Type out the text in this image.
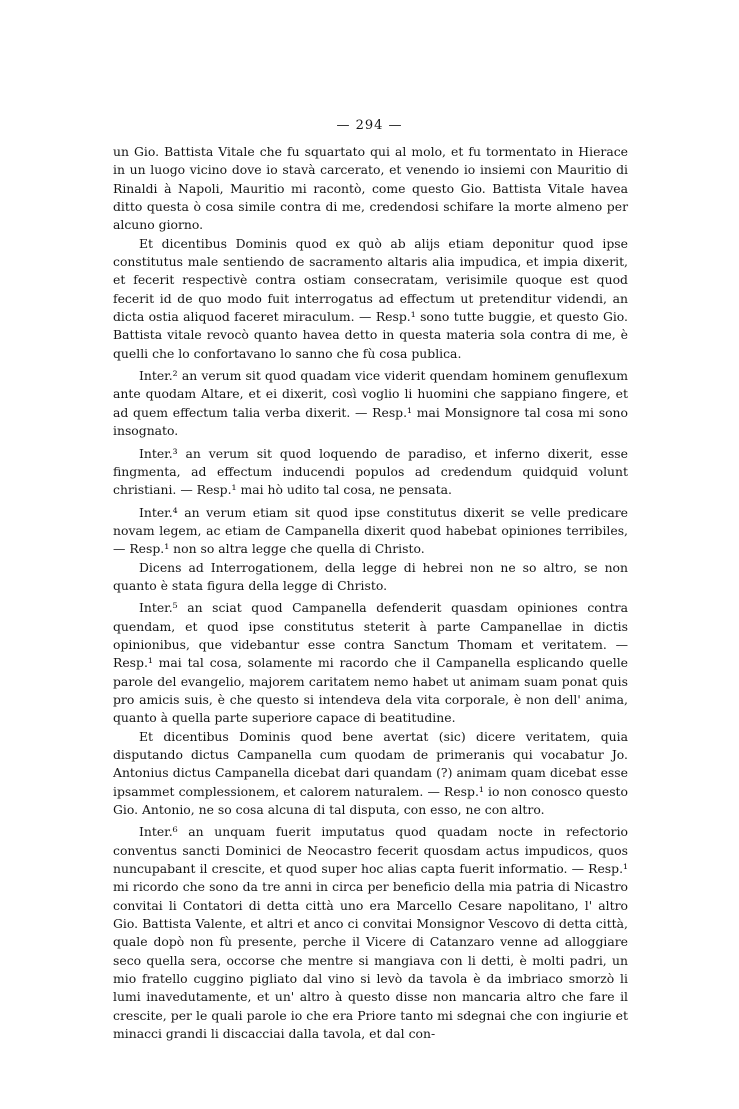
— 294 —

un Gio. Battista Vitale che fu squartato qui al molo, et fu tormentato in Hierace in un luogo vicino dove io stavà carcerato, et venendo io insiemi con Mauritio di Rinaldi à Napoli, Mauritio mi racontò, come questo Gio. Battista Vitale havea ditto questa ò cosa simile contra di me, credendosi schifare la morte almeno per alcuno giorno.

Et dicentibus Dominis quod ex quò ab alijs etiam deponitur quod ipse constitutus male sentiendo de sacramento altaris alia impudica, et impia dixerit, et fecerit respectivè contra ostiam consecratam, verisimile quoque est quod fecerit id de quo modo fuit interrogatus ad effectum ut pretenditur videndi, an dicta ostia aliquod faceret miraculum. — Resp.¹ sono tutte buggie, et questo Gio. Battista vitale revocò quanto havea detto in questa materia sola contra di me, è quelli che lo confortavano lo sanno che fù cosa publica.

Inter.² an verum sit quod quadam vice viderit quendam hominem genuflexum ante quodam Altare, et ei dixerit, così voglio li huomini che sappiano fingere, et ad quem effectum talia verba dixerit. — Resp.¹ mai Monsignore tal cosa mi sono insognato.

Inter.³ an verum sit quod loquendo de paradiso, et inferno dixerit, esse fingmenta, ad effectum inducendi populos ad credendum quidquid volunt christiani. — Resp.¹ mai hò udito tal cosa, ne pensata.

Inter.⁴ an verum etiam sit quod ipse constitutus dixerit se velle predicare novam legem, ac etiam de Campanella dixerit quod habebat opiniones terribiles, — Resp.¹ non so altra legge che quella di Christo.

Dicens ad Interrogationem, della legge di hebrei non ne so altro, se non quanto è stata figura della legge di Christo.

Inter.⁵ an sciat quod Campanella defenderit quasdam opiniones contra quendam, et quod ipse constitutus steterit à parte Campanellae in dictis opinionibus, que videbantur esse contra Sanctum Thomam et veritatem. — Resp.¹ mai tal cosa, solamente mi racordo che il Campanella esplicando quelle parole del evangelio, majorem caritatem nemo habet ut animam suam ponat quis pro amicis suis, è che questo si intendeva dela vita corporale, è non dell' anima, quanto à quella parte superiore capace di beatitudine.

Et dicentibus Dominis quod bene avertat (sic) dicere veritatem, quia disputando dictus Campanella cum quodam de primeranis qui vocabatur Jo. Antonius dictus Campanella dicebat dari quandam (?) animam quam dicebat esse ipsammet complessionem, et calorem naturalem. — Resp.¹ io non conosco questo Gio. Antonio, ne so cosa alcuna di tal disputa, con esso, ne con altro.

Inter.⁶ an unquam fuerit imputatus quod quadam nocte in refectorio conventus sancti Dominici de Neocastro fecerit quosdam actus impudicos, quos nuncupabant il crescite, et quod super hoc alias capta fuerit informatio. — Resp.¹ mi ricordo che sono da tre anni in circa per beneficio della mia patria di Nicastro convitai li Contatori di detta città uno era Marcello Cesare napolitano, l' altro Gio. Battista Valente, et altri et anco ci convitai Monsignor Vescovo di detta città, quale dopò non fù presente, perche il Vicere di Catanzaro venne ad alloggiare seco quella sera, occorse che mentre si mangiava con li detti, è molti padri, un mio fratello cuggino pigliato dal vino si levò da tavola è da imbriaco smorzò li lumi inavedutamente, et un' altro à questo disse non mancaria altro che fare il crescite, per le quali parole io che era Priore tanto mi sdegnai che con ingiurie et minacci grandi li discacciai dalla tavola, et dal con-
